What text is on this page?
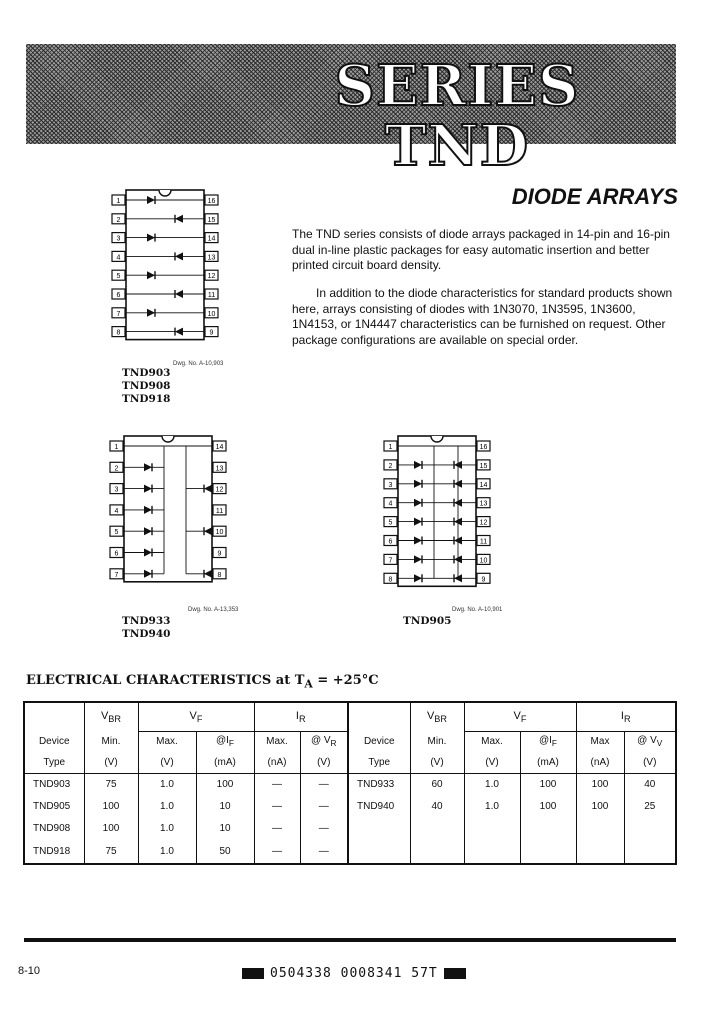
SERIES TND
DIODE ARRAYS
The TND series consists of diode arrays packaged in 14-pin and 16-pin dual in-line plastic packages for easy automatic insertion and better printed circuit board density.
In addition to the diode characteristics for standard products shown here, arrays consisting of diodes with 1N3070, 1N3595, 1N3600, 1N4153, or 1N4447 characteristics can be furnished on request. Other package configurations are available on special order.
1	16
2	15
3	14
4	13
5	12
6	11
7	10
8	9
Dwg. No. A-10,903
TND903
TND908
TND918
1	14
2	13
3	12
4	11
5	10
6	9
7	8
Dwg. No. A-13,353
TND933
TND940
1	16
2	15
3	14
4	13
5	12
6	11
7	10
8	9
Dwg. No. A-10,901
TND905
ELECTRICAL CHARACTERISTICS at $T_A = +25^\circ C$
	$V_{BR}$	$V_F$		$I_R$			$V_{BR}$	$V_F$		$I_R$
Device	Min.	Max.	$@I_F$	Max.	@ $V_R$	Device	Min.	Max.	$@I_F$	Max	@ $V_V$
Type	(V)	(V)	(mA)	(nA)	(V)	Type	(V)	(V)	(mA)	(nA)	(V)
TND903	75	1.0	100	—	—	TND933	60	1.0	100	100	40
TND905	100	1.0	10	—	—	TND940	40	1.0	100	100	25
TND908	100	1.0	10	—	—						
TND918	75	1.0	50	—	—						
8-10	0504338 0008341 57T
